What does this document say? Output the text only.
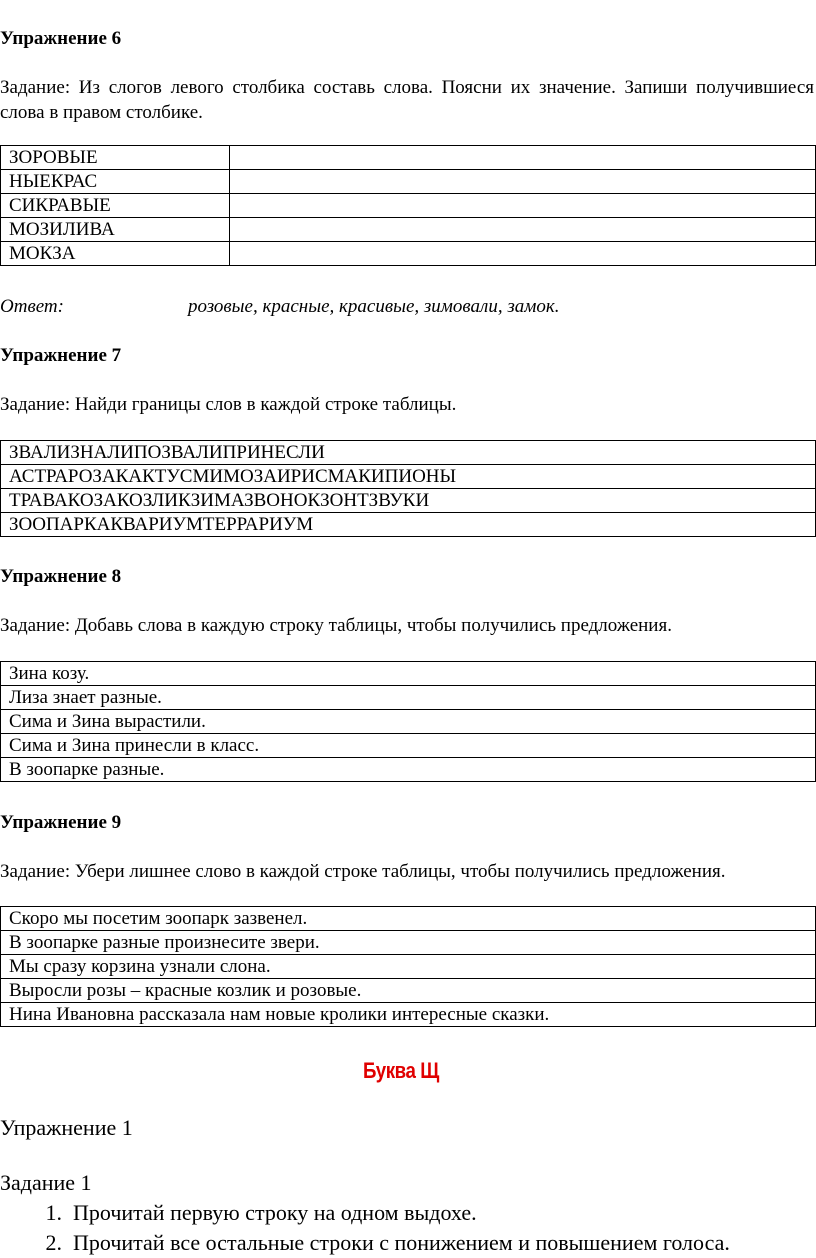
Упражнение 6
Задание: Из слогов левого столбика составь слова. Поясни их значение. Запиши получившиеся слова в правом столбике.
ЗОРОВЫЕ	
НЫЕКРАС	
СИКРАВЫЕ	
МОЗИЛИВА	
МОКЗА	
Ответ:	розовые, красные, красивые, зимовали, замок.
Упражнение 7
Задание: Найди границы слов в каждой строке таблицы.
ЗВАЛИЗНАЛИПОЗВАЛИПРИНЕСЛИ
АСТРАРОЗАКАКТУСМИМОЗАИРИСМАКИПИОНЫ
ТРАВАКОЗАКОЗЛИКЗИМАЗВОНОКЗОНТЗВУКИ
ЗООПАРКАКВАРИУМТЕРРАРИУМ
Упражнение 8
Задание: Добавь слова в каждую строку таблицы, чтобы получились предложения.
Зина козу.
Лиза знает разные.
Сима и Зина вырастили.
Сима и Зина принесли в класс.
В зоопарке разные.
Упражнение 9
Задание: Убери лишнее слово в каждой строке таблицы, чтобы получились предложения.
Скоро мы посетим зоопарк зазвенел.
В зоопарке разные произнесите звери.
Мы сразу корзина узнали слона.
Выросли розы – красные козлик и розовые.
Нина Ивановна рассказала нам новые кролики интересные сказки.
Буква Щ
Упражнение 1
Задание 1
1. Прочитай первую строку на одном выдохе.
2. Прочитай все остальные строки с понижением и повышением голоса.
